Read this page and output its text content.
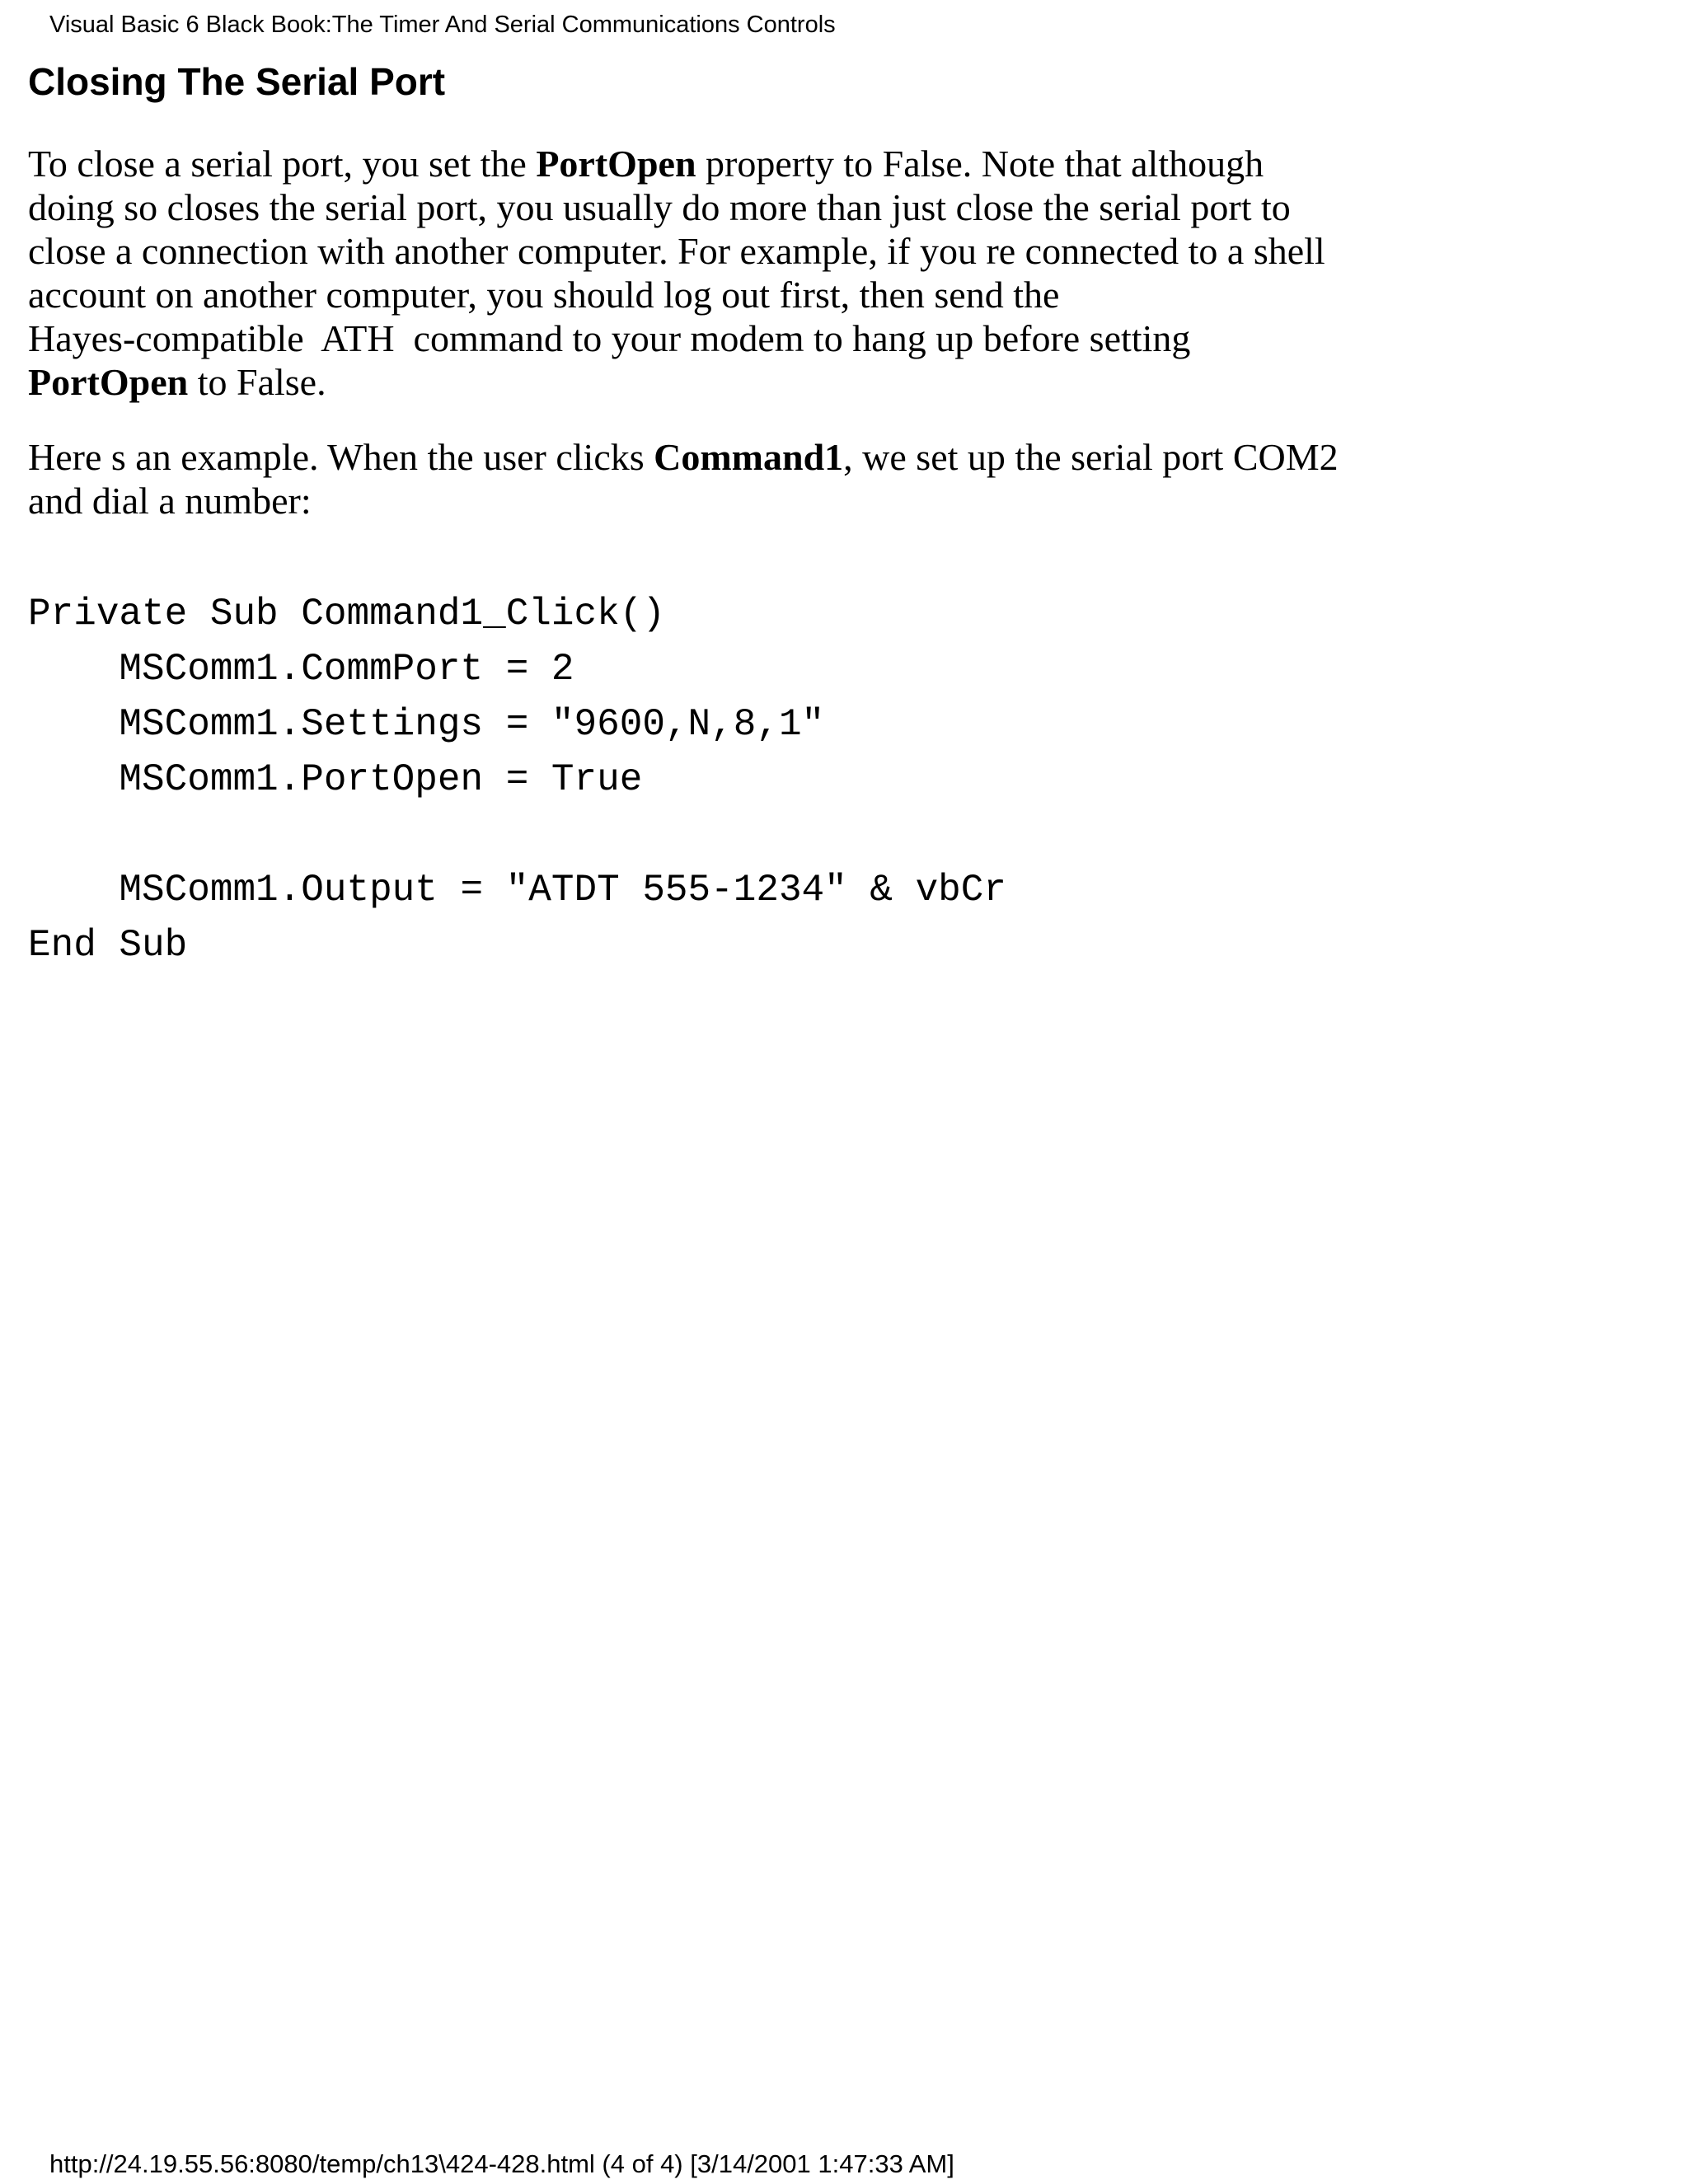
Visual Basic 6 Black Book:The Timer And Serial Communications Controls
Closing The Serial Port

To close a serial port, you set the PortOpen property to False. Note that although
doing so closes the serial port, you usually do more than just close the serial port to
close a connection with another computer. For example, if you re connected to a shell
account on another computer, you should log out first, then send the
Hayes-compatible  ATH  command to your modem to hang up before setting
PortOpen to False.

Here s an example. When the user clicks Command1, we set up the serial port COM2
and dial a number:

Private Sub Command1_Click()
MSComm1.CommPort = 2
MSComm1.Settings = "9600,N,8,1"
MSComm1.PortOpen = True
MSComm1.Output = "ATDT 555-1234" & vbCr
End Sub
http://24.19.55.56:8080/temp/ch13\424-428.html (4 of 4) [3/14/2001 1:47:33 AM]
